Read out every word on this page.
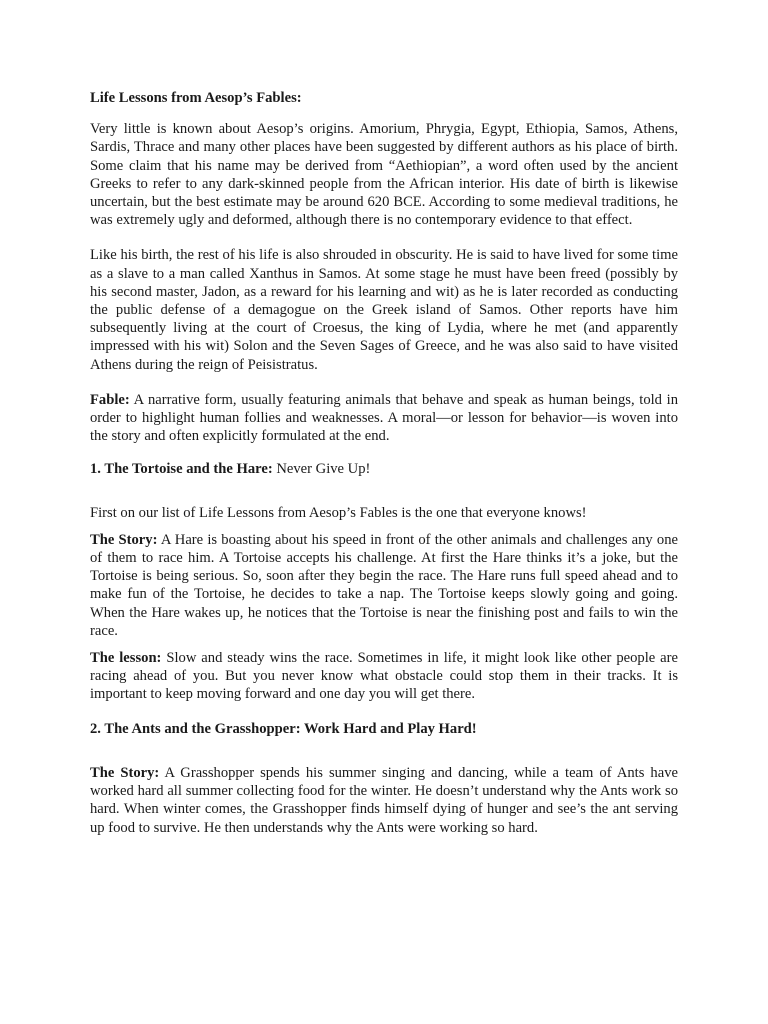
Life Lessons from Aesop’s Fables:

Very little is known about Aesop’s origins. Amorium, Phrygia, Egypt, Ethiopia, Samos, Athens, Sardis, Thrace and many other places have been suggested by different authors as his place of birth. Some claim that his name may be derived from “Aethiopian”, a word often used by the ancient Greeks to refer to any dark-skinned people from the African interior. His date of birth is likewise uncertain, but the best estimate may be around 620 BCE. According to some medieval traditions, he was extremely ugly and deformed, although there is no contemporary evidence to that effect.

Like his birth, the rest of his life is also shrouded in obscurity. He is said to have lived for some time as a slave to a man called Xanthus in Samos. At some stage he must have been freed (possibly by his second master, Jadon, as a reward for his learning and wit) as he is later recorded as conducting the public defense of a demagogue on the Greek island of Samos. Other reports have him subsequently living at the court of Croesus, the king of Lydia, where he met (and apparently impressed with his wit) Solon and the Seven Sages of Greece, and he was also said to have visited Athens during the reign of Peisistratus.

Fable: A narrative form, usually featuring animals that behave and speak as human beings, told in order to highlight human follies and weaknesses. A moral—or lesson for behavior—is woven into the story and often explicitly formulated at the end.

1. The Tortoise and the Hare: Never Give Up!

First on our list of Life Lessons from Aesop’s Fables is the one that everyone knows!

The Story: A Hare is boasting about his speed in front of the other animals and challenges any one of them to race him. A Tortoise accepts his challenge. At first the Hare thinks it’s a joke, but the Tortoise is being serious. So, soon after they begin the race. The Hare runs full speed ahead and to make fun of the Tortoise, he decides to take a nap. The Tortoise keeps slowly going and going. When the Hare wakes up, he notices that the Tortoise is near the finishing post and fails to win the race.

The lesson: Slow and steady wins the race. Sometimes in life, it might look like other people are racing ahead of you. But you never know what obstacle could stop them in their tracks. It is important to keep moving forward and one day you will get there.

2. The Ants and the Grasshopper: Work Hard and Play Hard!

The Story: A Grasshopper spends his summer singing and dancing, while a team of Ants have worked hard all summer collecting food for the winter. He doesn’t understand why the Ants work so hard. When winter comes, the Grasshopper finds himself dying of hunger and see’s the ant serving up food to survive. He then understands why the Ants were working so hard.
